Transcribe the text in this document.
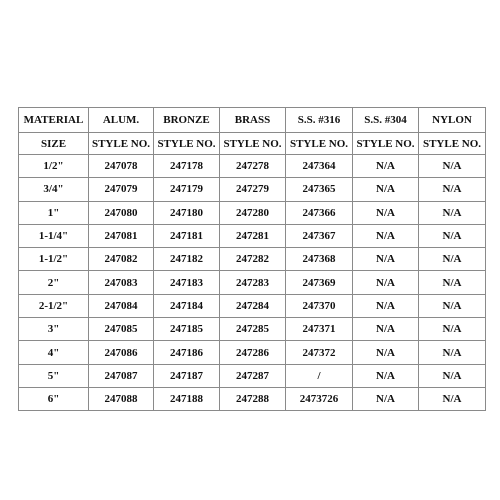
MATERIAL	ALUM.	BRONZE	BRASS	S.S. #316	S.S. #304	NYLON
SIZE	STYLE NO.	STYLE NO.	STYLE NO.	STYLE NO.	STYLE NO.	STYLE NO.
1/2"	247078	247178	247278	247364	N/A	N/A
3/4"	247079	247179	247279	247365	N/A	N/A
1"	247080	247180	247280	247366	N/A	N/A
1-1/4"	247081	247181	247281	247367	N/A	N/A
1-1/2"	247082	247182	247282	247368	N/A	N/A
2"	247083	247183	247283	247369	N/A	N/A
2-1/2"	247084	247184	247284	247370	N/A	N/A
3"	247085	247185	247285	247371	N/A	N/A
4"	247086	247186	247286	247372	N/A	N/A
5"	247087	247187	247287	/	N/A	N/A
6"	247088	247188	247288	2473726	N/A	N/A
